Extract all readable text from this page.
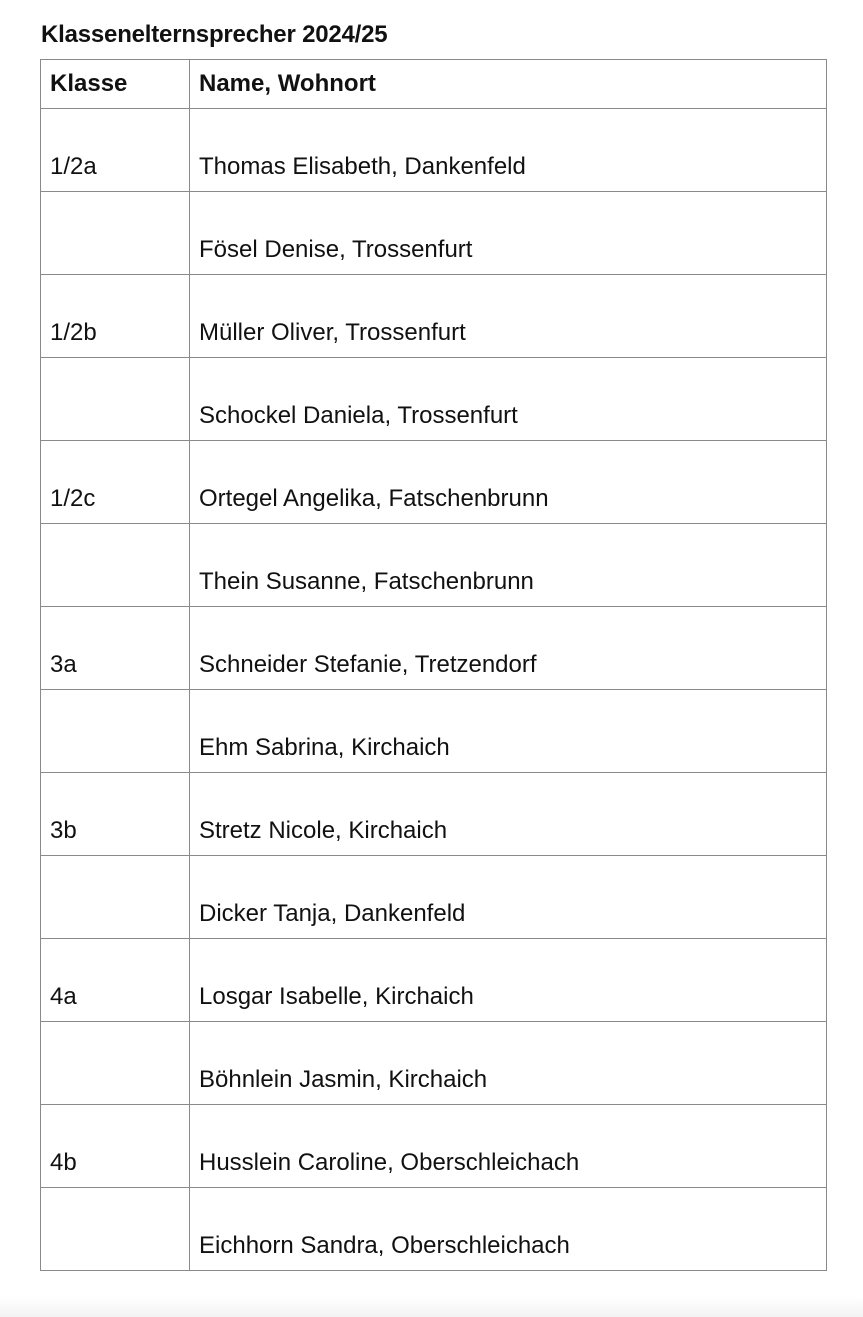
Klassenelternsprecher 2024/25
Klasse	Name, Wohnort
1/2a	Thomas Elisabeth, Dankenfeld
	Fösel Denise, Trossenfurt
1/2b	Müller Oliver, Trossenfurt
	Schockel Daniela, Trossenfurt
1/2c	Ortegel Angelika, Fatschenbrunn
	Thein Susanne, Fatschenbrunn
3a	Schneider Stefanie, Tretzendorf
	Ehm Sabrina, Kirchaich
3b	Stretz Nicole, Kirchaich
	Dicker Tanja, Dankenfeld
4a	Losgar Isabelle, Kirchaich
	Böhnlein Jasmin, Kirchaich
4b	Husslein Caroline, Oberschleichach
	Eichhorn Sandra, Oberschleichach
